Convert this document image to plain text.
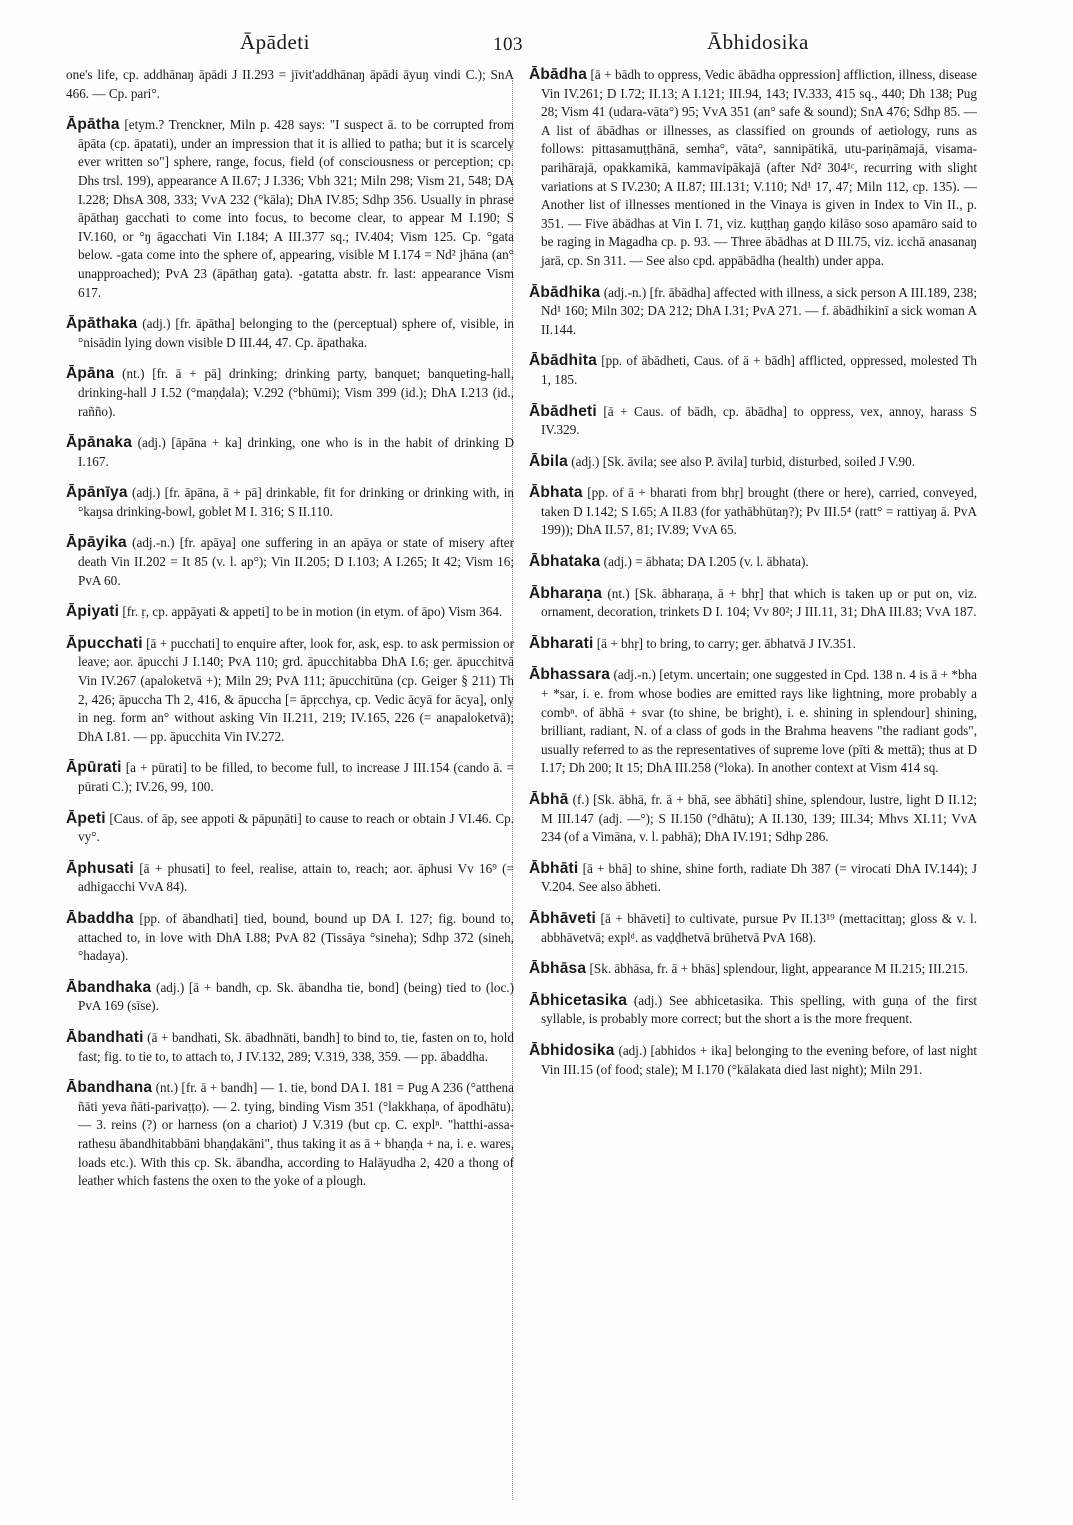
Āpādeti	103	Ābhidosika

one's life, cp. addhānaŋ āpādi J II.293 = jīvit'addhānaŋ āpādi āyuŋ vindi C.); SnA 466. — Cp. pari°.

Āpātha [etym.? Trenckner, Miln p. 428 says: "I suspect ā. to be corrupted from āpāta (cp. āpatati), under an impression that it is allied to patha; but it is scarcely ever written so"] sphere, range, focus, field (of consciousness or perception; cp. Dhs trsl. 199), appearance A II.67; J I.336; Vbh 321; Miln 298; Vism 21, 548; DA I.228; DhsA 308, 333; VvA 232 (°kāla); DhA IV.85; Sdhp 356. Usually in phrase āpāthaŋ gacchati to come into focus, to become clear, to appear M I.190; S IV.160, or °ŋ āgacchati Vin I.184; A III.377 sq.; IV.404; Vism 125. Cp. °gata below. -gata come into the sphere of, appearing, visible M I.174 = Nd² jhāna (an° unapproached); PvA 23 (āpāthaŋ gata). -gatatta abstr. fr. last: appearance Vism 617.

Āpāthaka (adj.) [fr. āpātha] belonging to the (perceptual) sphere of, visible, in °nisādin lying down visible D III.44, 47. Cp. āpathaka.

Āpāna (nt.) [fr. ā + pā] drinking; drinking party, banquet; banqueting-hall, drinking-hall J I.52 (°maṇḍala); V.292 (°bhūmi); Vism 399 (id.); DhA I.213 (id., rañño).

Āpānaka (adj.) [āpāna + ka] drinking, one who is in the habit of drinking D I.167.

Āpānīya (adj.) [fr. āpāna, ā + pā] drinkable, fit for drinking or drinking with, in °kaŋsa drinking-bowl, goblet M I. 316; S II.110.

Āpāyika (adj.-n.) [fr. apāya] one suffering in an apāya or state of misery after death Vin II.202 = It 85 (v. l. ap°); Vin II.205; D I.103; A I.265; It 42; Vism 16; PvA 60.

Āpiyati [fr. ṛ, cp. appāyati & appeti] to be in motion (in etym. of āpo) Vism 364.

Āpucchati [ā + pucchati] to enquire after, look for, ask, esp. to ask permission or leave; aor. āpucchi J I.140; PvA 110; grd. āpucchitabba DhA I.6; ger. āpucchitvā Vin IV.267 (apaloketvā +); Miln 29; PvA 111; āpucchitūna (cp. Geiger § 211) Th 2, 426; āpuccha Th 2, 416, & āpuccha [= āpṛcchya, cp. Vedic ācyā for ācya], only in neg. form an° without asking Vin II.211, 219; IV.165, 226 (= anapaloketvā); DhA I.81. — pp. āpucchita Vin IV.272.

Āpūrati [a + pūrati] to be filled, to become full, to increase J III.154 (cando ā. = pūrati C.); IV.26, 99, 100.

Āpeti [Caus. of āp, see appoti & pāpuṇāti] to cause to reach or obtain J VI.46. Cp. vy°.

Āphusati [ā + phusati] to feel, realise, attain to, reach; aor. āphusi Vv 16⁹ (= adhigacchi VvA 84).

Ābaddha [pp. of ābandhati] tied, bound, bound up DA I. 127; fig. bound to, attached to, in love with DhA I.88; PvA 82 (Tissāya °sineha); Sdhp 372 (sineh, °hadaya).

Ābandhaka (adj.) [ā + bandh, cp. Sk. ābandha tie, bond] (being) tied to (loc.) PvA 169 (sīse).

Ābandhati (ā + bandhati, Sk. ābadhnāti, bandh] to bind to, tie, fasten on to, hold fast; fig. to tie to, to attach to, J IV.132, 289; V.319, 338, 359. — pp. ābaddha.

Ābandhana (nt.) [fr. ā + bandh] — 1. tie, bond DA I. 181 = Pug A 236 (°atthena ñāti yeva ñāti-parivaṭṭo). — 2. tying, binding Vism 351 (°lakkhaṇa, of āpodhātu). — 3. reins (?) or harness (on a chariot) J V.319 (but cp. C. explⁿ. "hatthi-assa-rathesu ābandhitabbāni bhaṇḍakāni", thus taking it as ā + bhaṇḍa + na, i. e. wares, loads etc.). With this cp. Sk. ābandha, according to Halāyudha 2, 420 a thong of leather which fastens the oxen to the yoke of a plough.

Ābādha [ā + bādh to oppress, Vedic ābādha oppression] affliction, illness, disease Vin IV.261; D I.72; II.13; A I.121; III.94, 143; IV.333, 415 sq., 440; Dh 138; Pug 28; Vism 41 (udara-vāta°) 95; VvA 351 (an° safe & sound); SnA 476; Sdhp 85. — A list of ābādhas or illnesses, as classified on grounds of aetiology, runs as follows: pittasamuṭṭhānā, semha°, vāta°, sannipātikā, utu-pariṇāmajā, visama-parihārajā, opakkamikā, kammavipākajā (after Nd² 304¹ᶜ, recurring with slight variations at S IV.230; A II.87; III.131; V.110; Nd¹ 17, 47; Miln 112, cp. 135). — Another list of illnesses mentioned in the Vinaya is given in Index to Vin II., p. 351. — Five ābādhas at Vin I. 71, viz. kuṭṭhaŋ gaṇḍo kilāso soso apamāro said to be raging in Magadha cp. p. 93. — Three ābādhas at D III.75, viz. icchā anasanaŋ jarā, cp. Sn 311. — See also cpd. appābādha (health) under appa.

Ābādhika (adj.-n.) [fr. ābādha] affected with illness, a sick person A III.189, 238; Nd¹ 160; Miln 302; DA 212; DhA I.31; PvA 271. — f. ābādhikinī a sick woman A II.144.

Ābādhita [pp. of ābādheti, Caus. of ā + bādh] afflicted, oppressed, molested Th 1, 185.

Ābādheti [ā + Caus. of bādh, cp. ābādha] to oppress, vex, annoy, harass S IV.329.

Ābila (adj.) [Sk. āvila; see also P. āvila] turbid, disturbed, soiled J V.90.

Ābhata [pp. of ā + bharati from bhṛ] brought (there or here), carried, conveyed, taken D I.142; S I.65; A II.83 (for yathābhūtaŋ?); Pv III.5⁴ (ratt° = rattiyaŋ ā. PvA 199)); DhA II.57, 81; IV.89; VvA 65.

Ābhataka (adj.) = ābhata; DA I.205 (v. l. ābhata).

Ābharaṇa (nt.) [Sk. ābharaṇa, ā + bhṛ] that which is taken up or put on, viz. ornament, decoration, trinkets D I. 104; Vv 80²; J III.11, 31; DhA III.83; VvA 187.

Ābharati [ā + bhṛ] to bring, to carry; ger. ābhatvā J IV.351.

Ābhassara (adj.-n.) [etym. uncertain; one suggested in Cpd. 138 n. 4 is ā + *bha + *sar, i. e. from whose bodies are emitted rays like lightning, more probably a combⁿ. of ābhā + svar (to shine, be bright), i. e. shining in splendour] shining, brilliant, radiant, N. of a class of gods in the Brahma heavens "the radiant gods", usually referred to as the representatives of supreme love (pīti & mettā); thus at D I.17; Dh 200; It 15; DhA III.258 (°loka). In another context at Vism 414 sq.

Ābhā (f.) [Sk. ābhā, fr. ā + bhā, see ābhāti] shine, splendour, lustre, light D II.12; M III.147 (adj. —°); S II.150 (°dhātu); A II.130, 139; III.34; Mhvs XI.11; VvA 234 (of a Vimāna, v. l. pabhā); DhA IV.191; Sdhp 286.

Ābhāti [ā + bhā] to shine, shine forth, radiate Dh 387 (= virocati DhA IV.144); J V.204. See also ābheti.

Ābhāveti [ā + bhāveti] to cultivate, pursue Pv II.13¹⁹ (mettacittaŋ; gloss & v. l. abbhāvetvā; explᵈ. as vaḍḍhetvā brūhetvā PvA 168).

Ābhāsa [Sk. ābhāsa, fr. ā + bhās] splendour, light, appearance M II.215; III.215.

Ābhicetasika (adj.) See abhicetasika. This spelling, with guṇa of the first syllable, is probably more correct; but the short a is the more frequent.

Ābhidosika (adj.) [abhidos + ika] belonging to the evening before, of last night Vin III.15 (of food; stale); M I.170 (°kālakata died last night); Miln 291.
